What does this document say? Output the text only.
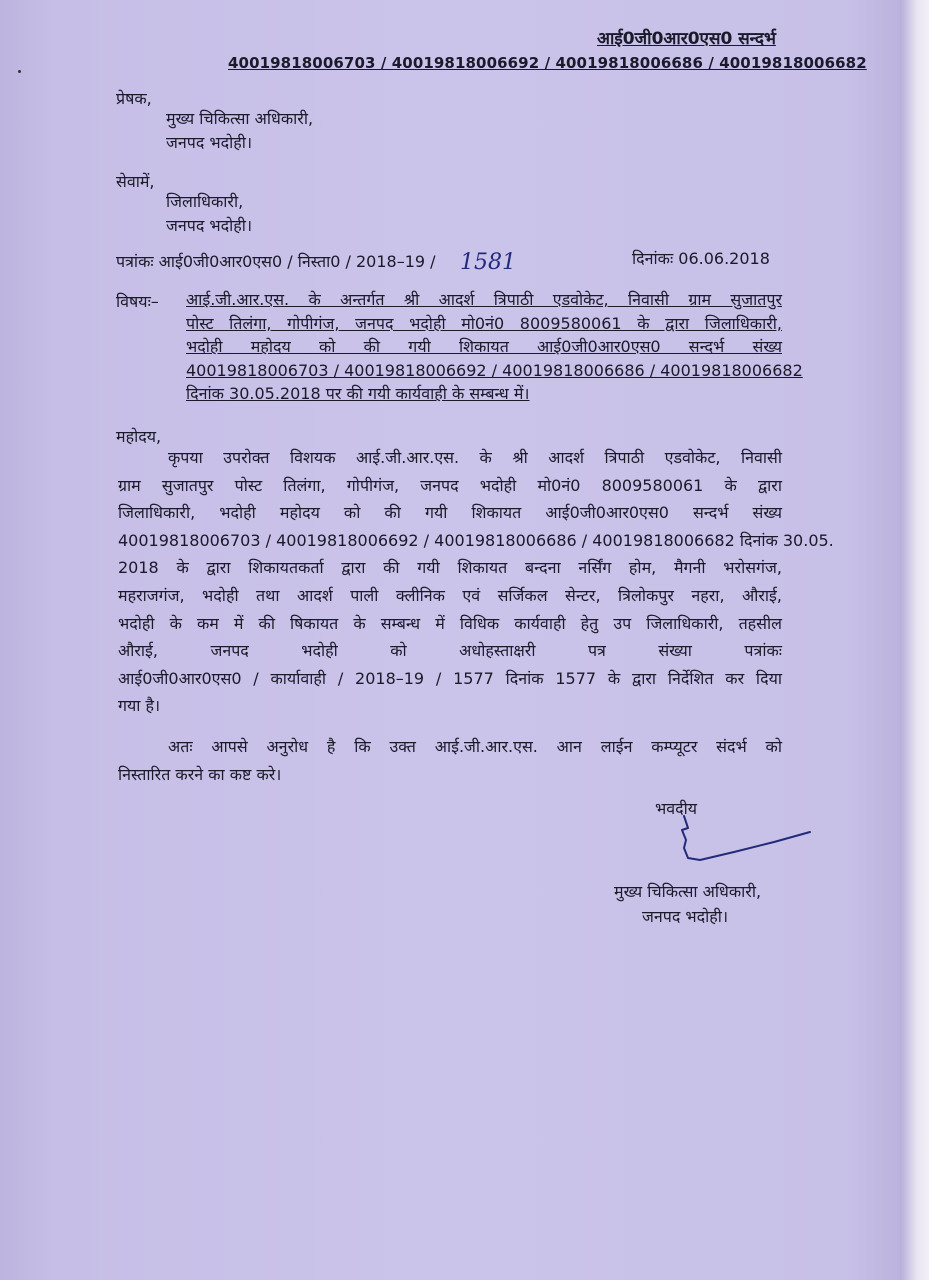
आई0जी0आर0एस0 सन्दर्भ
40019818006703 / 40019818006692 / 40019818006686 / 40019818006682
प्रेषक,
मुख्य चिकित्सा अधिकारी,
जनपद भदोही।
सेवामें,
जिलाधिकारी,
जनपद भदोही।
पत्रांकः आई0जी0आर0एस0 / निस्ता0 / 2018–19 / 1581	दिनांकः 06.06.2018
विषयः– आई.जी.आर.एस. के अन्तर्गत श्री आदर्श त्रिपाठी एडवोकेट, निवासी ग्राम सुजातपुर
पोस्ट तिलंगा, गोपीगंज, जनपद भदोही मो0नं0 8009580061 के द्वारा जिलाधिकारी,
भदोही महोदय को की गयी शिकायत आई0जी0आर0एस0 सन्दर्भ संख्य
40019818006703 / 40019818006692 / 40019818006686 / 40019818006682
दिनांक 30.05.2018 पर की गयी कार्यवाही के सम्बन्ध में।
महोदय,
कृपया उपरोक्त विशयक आई.जी.आर.एस. के श्री आदर्श त्रिपाठी एडवोकेट, निवासी
ग्राम सुजातपुर पोस्ट तिलंगा, गोपीगंज, जनपद भदोही मो0नं0 8009580061 के द्वारा
जिलाधिकारी, भदोही महोदय को की गयी शिकायत आई0जी0आर0एस0 सन्दर्भ संख्य
40019818006703 / 40019818006692 / 40019818006686 / 40019818006682 दिनांक 30.05.
2018 के द्वारा शिकायतकर्ता द्वारा की गयी शिकायत बन्दना नर्सिंग होम, मैगनी भरोसगंज,
महराजगंज, भदोही तथा आदर्श पाली क्लीनिक एवं सर्जिकल सेन्टर, त्रिलोकपुर नहरा, औराई,
भदोही के कम में की षिकायत के सम्बन्ध में विधिक कार्यवाही हेतु उप जिलाधिकारी, तहसील
औराई, जनपद भदोही को अधोहस्ताक्षरी पत्र संख्या पत्रांकः
आई0जी0आर0एस0 / कार्यावाही / 2018–19 / 1577 दिनांक 1577 के द्वारा निर्देशित कर दिया
गया है।
अतः आपसे अनुरोध है कि उक्त आई.जी.आर.एस. आन लाईन कम्प्यूटर संदर्भ को
निस्तारित करने का कष्ट करे।
भवदीय
मुख्य चिकित्सा अधिकारी,
जनपद भदोही।
